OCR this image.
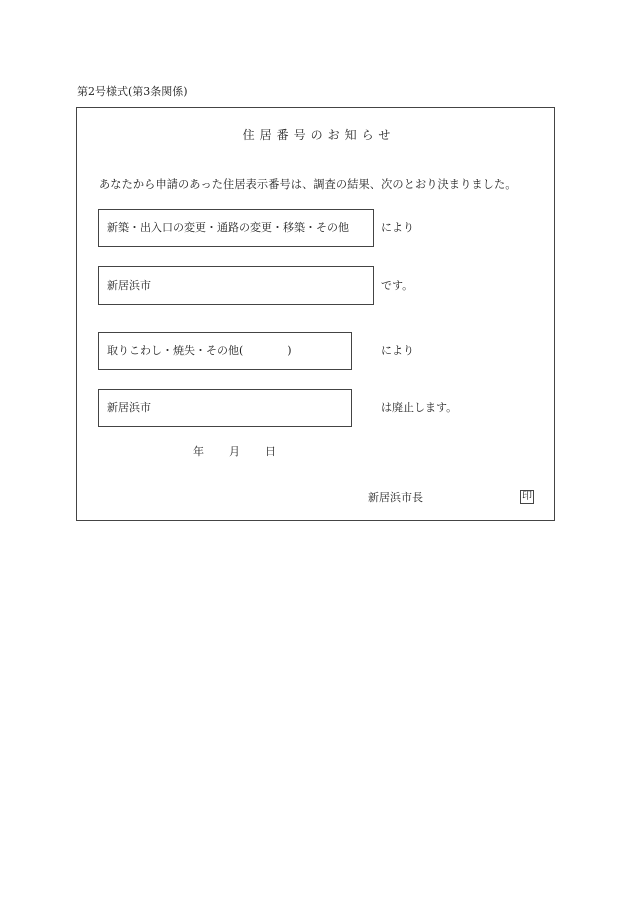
第2号様式(第3条関係)
住居番号のお知らせ
あなたから申請のあった住居表示番号は、調査の結果、次のとおり決まりました。
新築・出入口の変更・通路の変更・移築・その他	により
新居浜市	です。
取りこわし・焼失・その他(　　　　)	により
新居浜市	は廃止します。
年 月 日
新居浜市長	印
